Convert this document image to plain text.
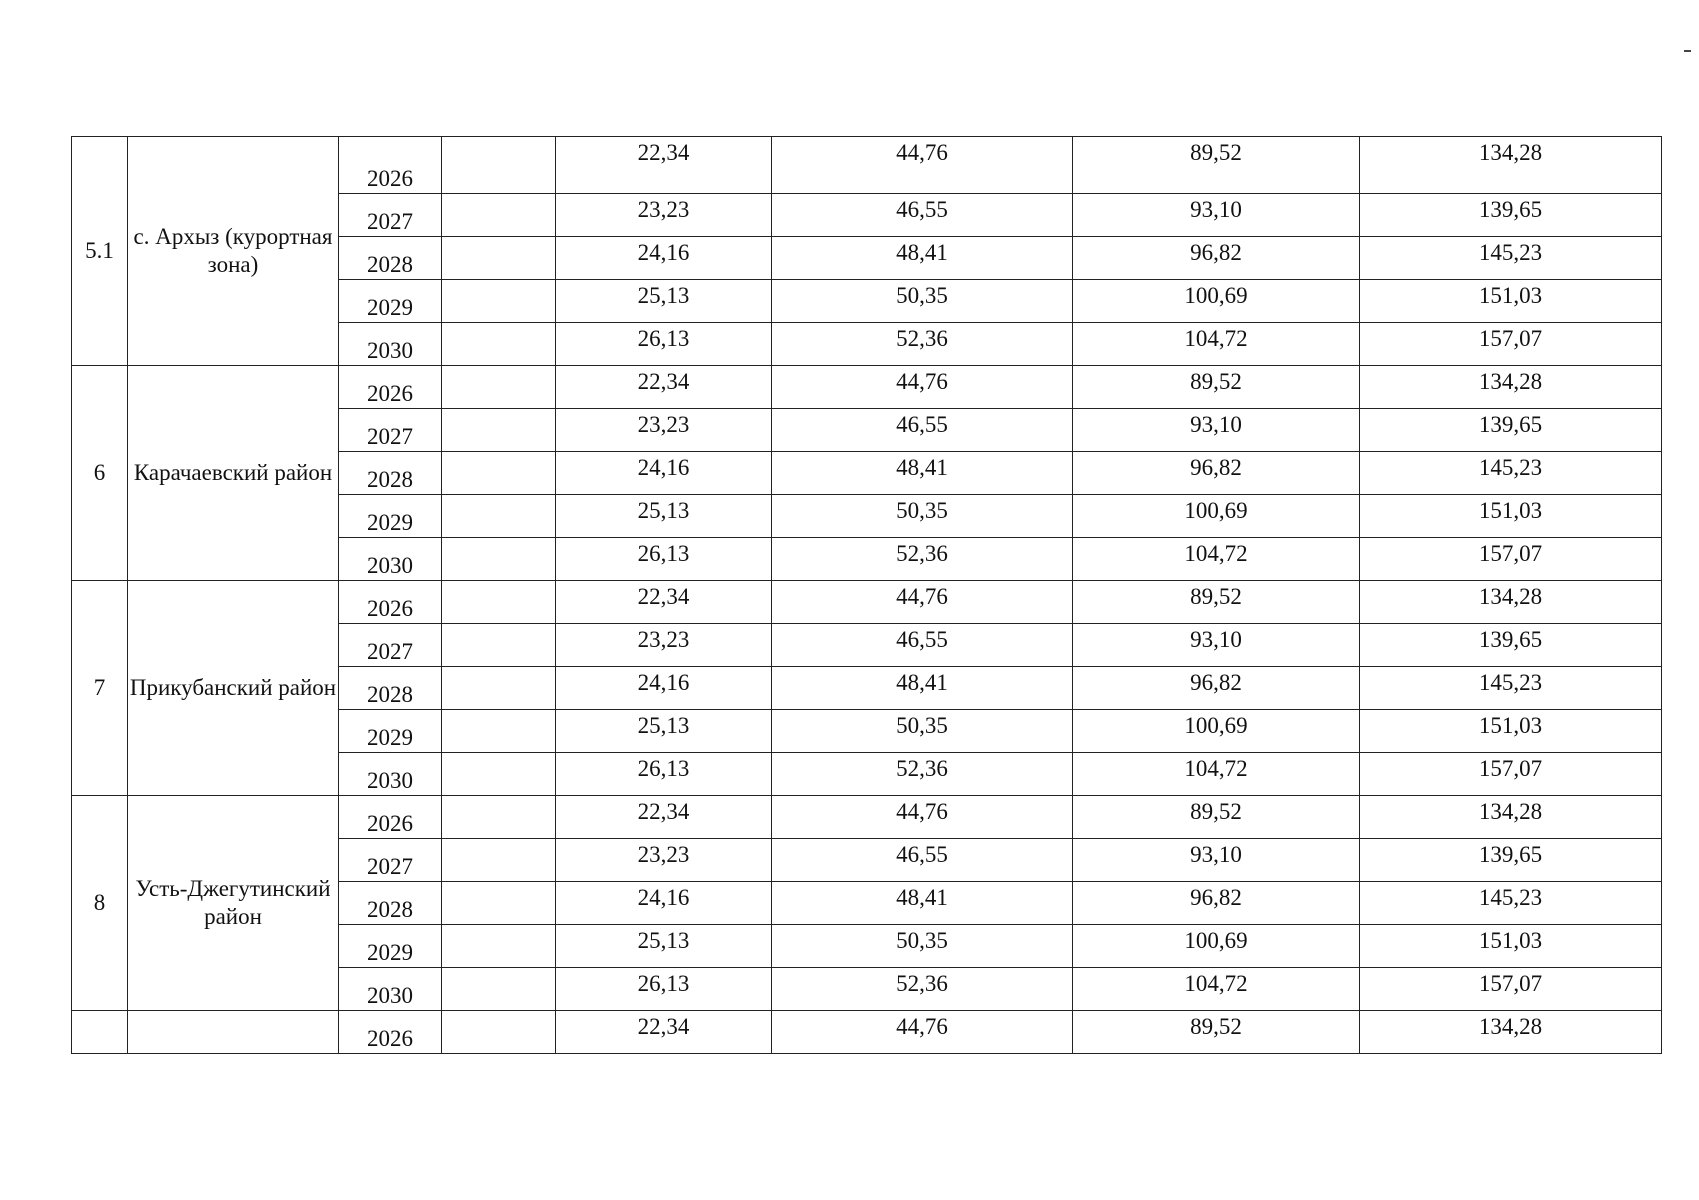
5.1	с. Архыз (курортная зона)	2026		22,34	44,76	89,52	134,28
		2027		23,23	46,55	93,10	139,65
		2028		24,16	48,41	96,82	145,23
		2029		25,13	50,35	100,69	151,03
		2030		26,13	52,36	104,72	157,07
6	Карачаевский район	2026		22,34	44,76	89,52	134,28
		2027		23,23	46,55	93,10	139,65
		2028		24,16	48,41	96,82	145,23
		2029		25,13	50,35	100,69	151,03
		2030		26,13	52,36	104,72	157,07
7	Прикубанский район	2026		22,34	44,76	89,52	134,28
		2027		23,23	46,55	93,10	139,65
		2028		24,16	48,41	96,82	145,23
		2029		25,13	50,35	100,69	151,03
		2030		26,13	52,36	104,72	157,07
8	Усть-Джегутинский район	2026		22,34	44,76	89,52	134,28
		2027		23,23	46,55	93,10	139,65
		2028		24,16	48,41	96,82	145,23
		2029		25,13	50,35	100,69	151,03
		2030		26,13	52,36	104,72	157,07
		2026		22,34	44,76	89,52	134,28
